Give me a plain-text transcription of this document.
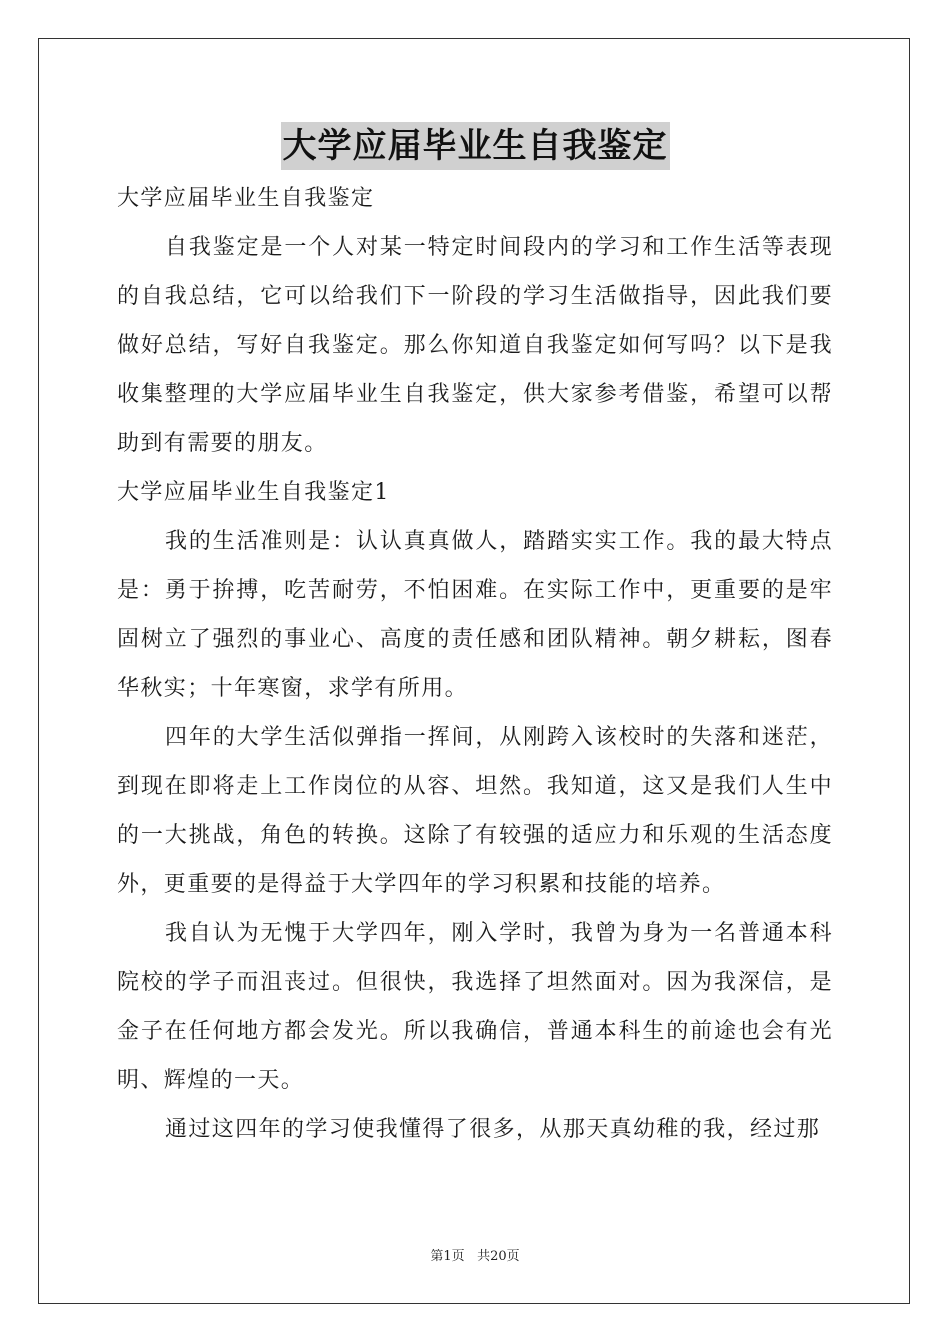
大学应届毕业生自我鉴定

大学应届毕业生自我鉴定

自我鉴定是一个人对某一特定时间段内的学习和工作生活等表现的自我总结，它可以给我们下一阶段的学习生活做指导，因此我们要做好总结，写好自我鉴定。那么你知道自我鉴定如何写吗？以下是我收集整理的大学应届毕业生自我鉴定，供大家参考借鉴，希望可以帮助到有需要的朋友。

大学应届毕业生自我鉴定1

我的生活准则是：认认真真做人，踏踏实实工作。我的最大特点是：勇于拚搏，吃苦耐劳，不怕困难。在实际工作中，更重要的是牢固树立了强烈的事业心、高度的责任感和团队精神。朝夕耕耘，图春华秋实；十年寒窗，求学有所用。

四年的大学生活似弹指一挥间，从刚跨入该校时的失落和迷茫，到现在即将走上工作岗位的从容、坦然。我知道，这又是我们人生中的一大挑战，角色的转换。这除了有较强的适应力和乐观的生活态度外，更重要的是得益于大学四年的学习积累和技能的培养。

我自认为无愧于大学四年，刚入学时，我曾为身为一名普通本科院校的学子而沮丧过。但很快，我选择了坦然面对。因为我深信，是金子在任何地方都会发光。所以我确信，普通本科生的前途也会有光明、辉煌的一天。

通过这四年的学习使我懂得了很多，从那天真幼稚的我，经过那

第1页 共20页
